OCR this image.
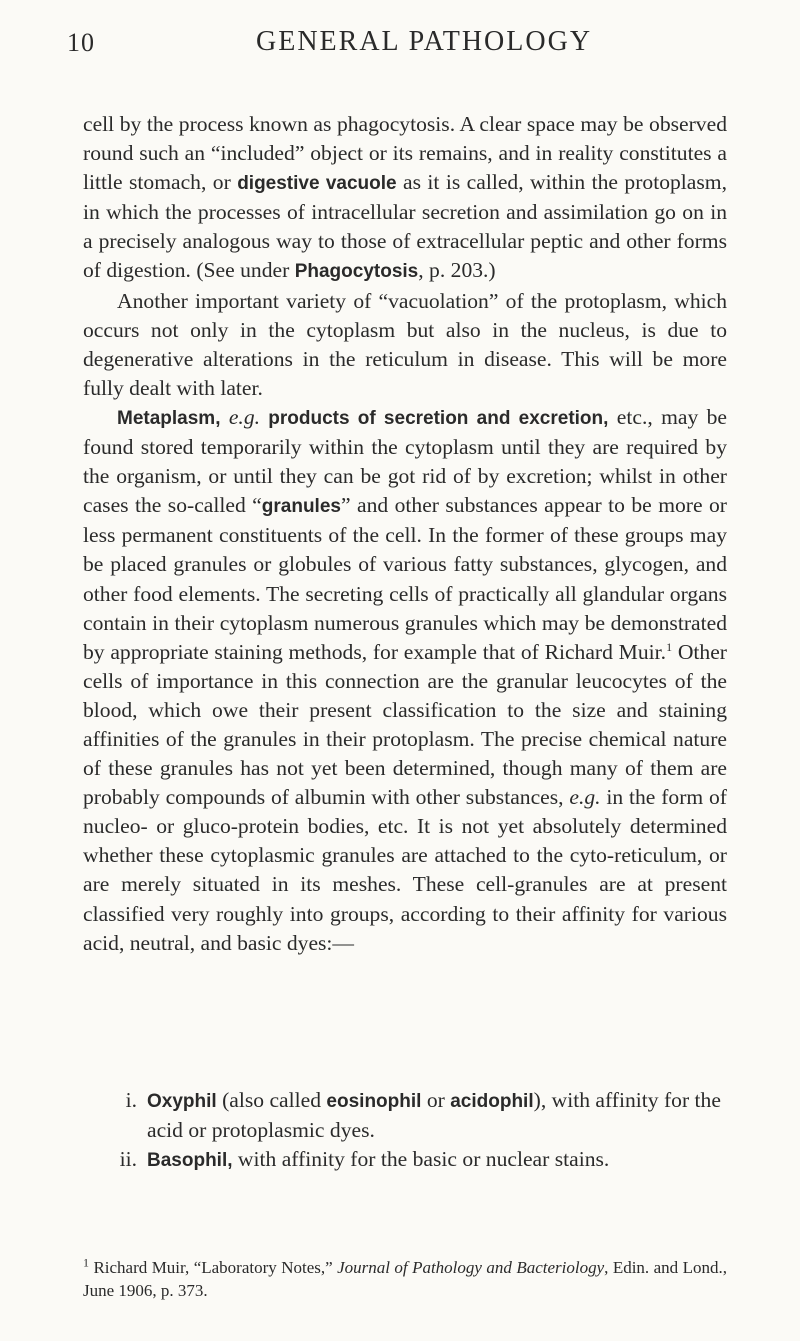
10	GENERAL PATHOLOGY

cell by the process known as phagocytosis. A clear space may be observed round such an “included” object or its remains, and in reality constitutes a little stomach, or digestive vacuole as it is called, within the protoplasm, in which the processes of intracellular secretion and assimilation go on in a precisely analogous way to those of extracellular peptic and other forms of digestion. (See under Phagocytosis, p. 203.)

Another important variety of “vacuolation” of the protoplasm, which occurs not only in the cytoplasm but also in the nucleus, is due to degenerative alterations in the reticulum in disease. This will be more fully dealt with later.

Metaplasm, e.g. products of secretion and excretion, etc., may be found stored temporarily within the cytoplasm until they are required by the organism, or until they can be got rid of by excretion; whilst in other cases the so-called “granules” and other substances appear to be more or less permanent constituents of the cell. In the former of these groups may be placed granules or globules of various fatty substances, glycogen, and other food elements. The secreting cells of practically all glandular organs contain in their cytoplasm numerous granules which may be demonstrated by appropriate staining methods, for example that of Richard Muir.$^1$ Other cells of importance in this connection are the granular leucocytes of the blood, which owe their present classification to the size and staining affinities of the granules in their protoplasm. The precise chemical nature of these granules has not yet been determined, though many of them are probably compounds of albumin with other substances, e.g. in the form of nucleo- or gluco-protein bodies, etc. It is not yet absolutely determined whether these cytoplasmic granules are attached to the cyto-reticulum, or are merely situated in its meshes. These cell-granules are at present classified very roughly into groups, according to their affinity for various acid, neutral, and basic dyes:—

i. Oxyphil (also called eosinophil or acidophil), with affinity for the acid or protoplasmic dyes.
ii. Basophil, with affinity for the basic or nuclear stains.
$^1$ Richard Muir, “Laboratory Notes,” Journal of Pathology and Bacteriology, Edin. and Lond., June 1906, p. 373.
